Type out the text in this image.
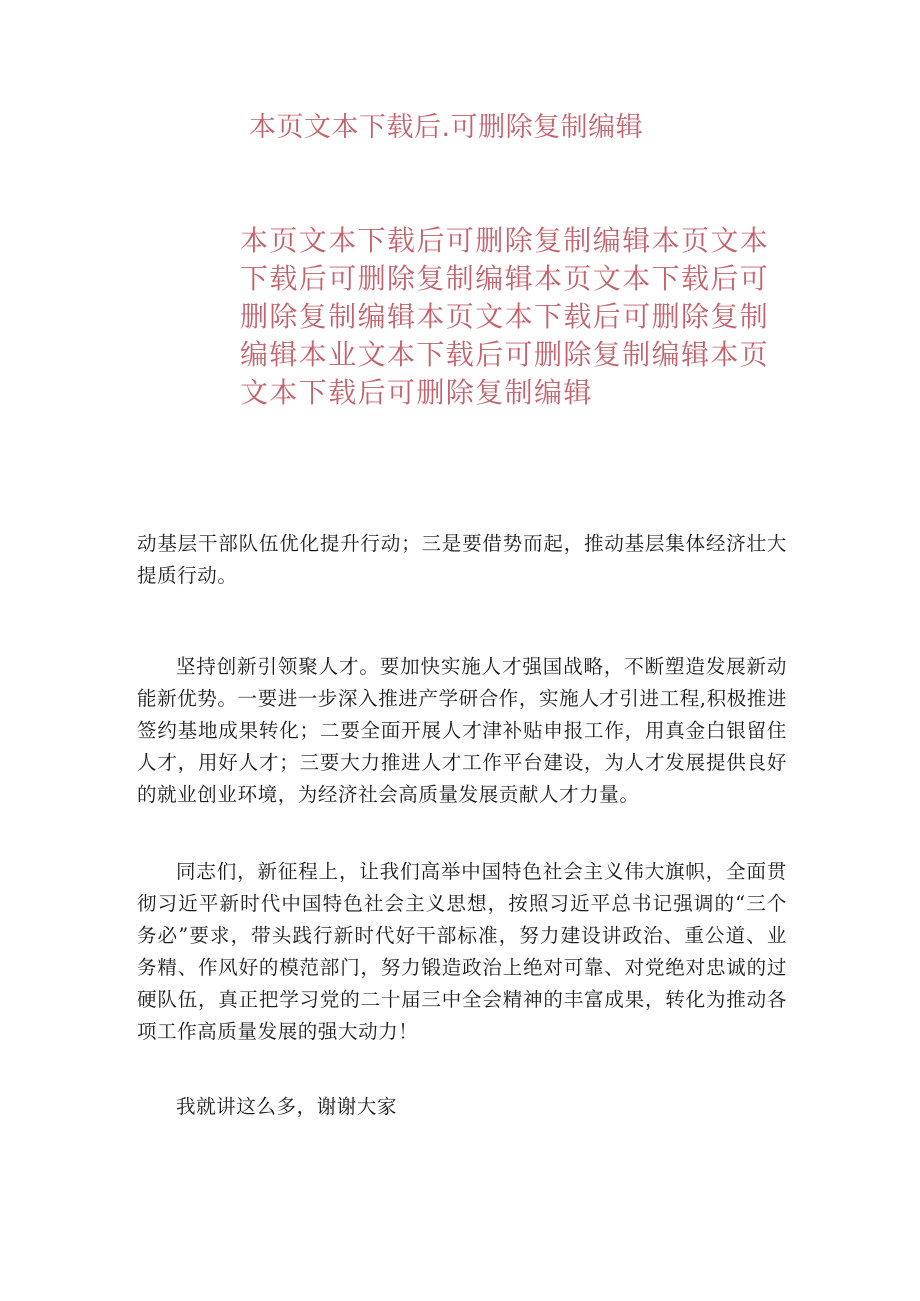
本页文本下载后.可删除复制编辑
本页文本下载后可删除复制编辑本页文本下载后可删除复制编辑本页文本下载后可删除复制编辑本页文本下载后可删除复制编辑本业文本下载后可删除复制编辑本页文本下载后可删除复制编辑

动基层干部队伍优化提升行动；三是要借势而起，推动基层集体经济壮大提质行动。

坚持创新引领聚人才。要加快实施人才强国战略，不断塑造发展新动能新优势。一要进一步深入推进产学研合作，实施人才引进工程,积极推进签约基地成果转化；二要全面开展人才津补贴申报工作，用真金白银留住人才，用好人才；三要大力推进人才工作平台建设，为人才发展提供良好的就业创业环境，为经济社会高质量发展贡献人才力量。

同志们，新征程上，让我们高举中国特色社会主义伟大旗帜，全面贯彻习近平新时代中国特色社会主义思想，按照习近平总书记强调的“三个务必”要求，带头践行新时代好干部标准，努力建设讲政治、重公道、业务精、作风好的模范部门，努力锻造政治上绝对可靠、对党绝对忠诚的过硬队伍，真正把学习党的二十届三中全会精神的丰富成果，转化为推动各项工作高质量发展的强大动力！

我就讲这么多，谢谢大家
